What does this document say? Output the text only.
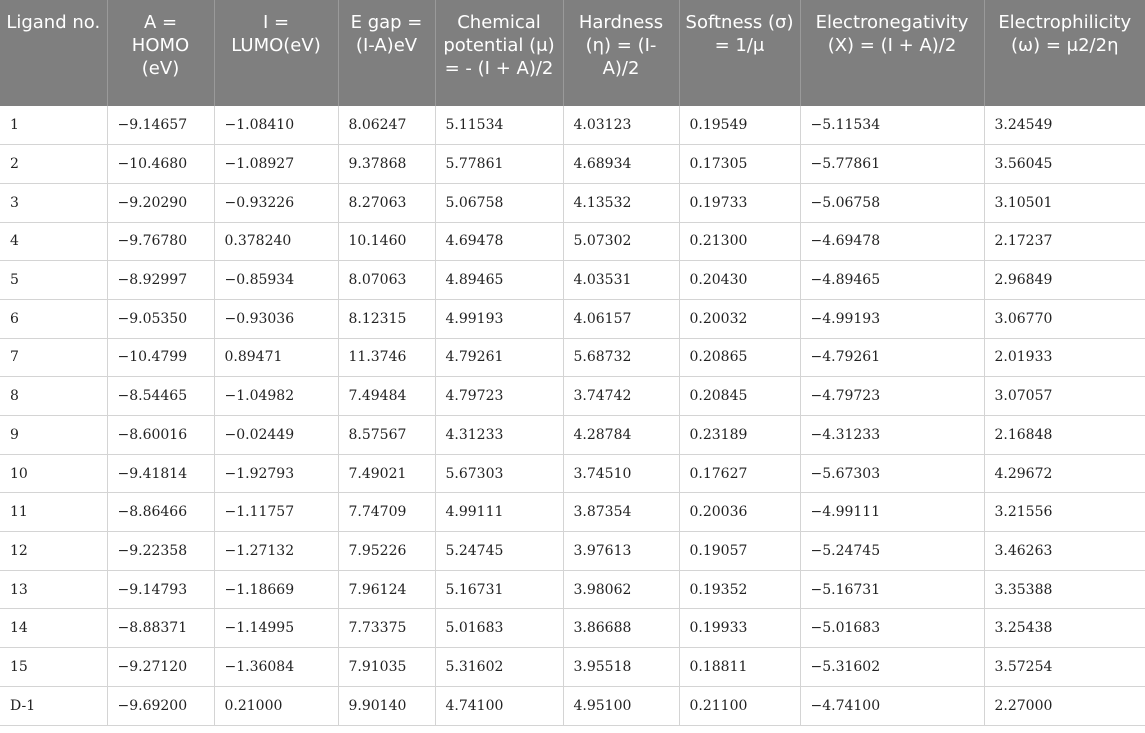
Ligand no.	A = HOMO (eV)	I = LUMO(eV)	E gap = (I-A)eV	Chemical potential (μ) = - (I + A)/2	Hardness (η) = (I-A)/2	Softness (σ) = 1/μ	Electronegativity (X) = (I + A)/2	Electrophilicity (ω) = μ2/2η
1	−9.14657	−1.08410	8.06247	5.11534	4.03123	0.19549	−5.11534	3.24549
2	−10.4680	−1.08927	9.37868	5.77861	4.68934	0.17305	−5.77861	3.56045
3	−9.20290	−0.93226	8.27063	5.06758	4.13532	0.19733	−5.06758	3.10501
4	−9.76780	0.378240	10.1460	4.69478	5.07302	0.21300	−4.69478	2.17237
5	−8.92997	−0.85934	8.07063	4.89465	4.03531	0.20430	−4.89465	2.96849
6	−9.05350	−0.93036	8.12315	4.99193	4.06157	0.20032	−4.99193	3.06770
7	−10.4799	0.89471	11.3746	4.79261	5.68732	0.20865	−4.79261	2.01933
8	−8.54465	−1.04982	7.49484	4.79723	3.74742	0.20845	−4.79723	3.07057
9	−8.60016	−0.02449	8.57567	4.31233	4.28784	0.23189	−4.31233	2.16848
10	−9.41814	−1.92793	7.49021	5.67303	3.74510	0.17627	−5.67303	4.29672
11	−8.86466	−1.11757	7.74709	4.99111	3.87354	0.20036	−4.99111	3.21556
12	−9.22358	−1.27132	7.95226	5.24745	3.97613	0.19057	−5.24745	3.46263
13	−9.14793	−1.18669	7.96124	5.16731	3.98062	0.19352	−5.16731	3.35388
14	−8.88371	−1.14995	7.73375	5.01683	3.86688	0.19933	−5.01683	3.25438
15	−9.27120	−1.36084	7.91035	5.31602	3.95518	0.18811	−5.31602	3.57254
D-1	−9.69200	0.21000	9.90140	4.74100	4.95100	0.21100	−4.74100	2.27000
